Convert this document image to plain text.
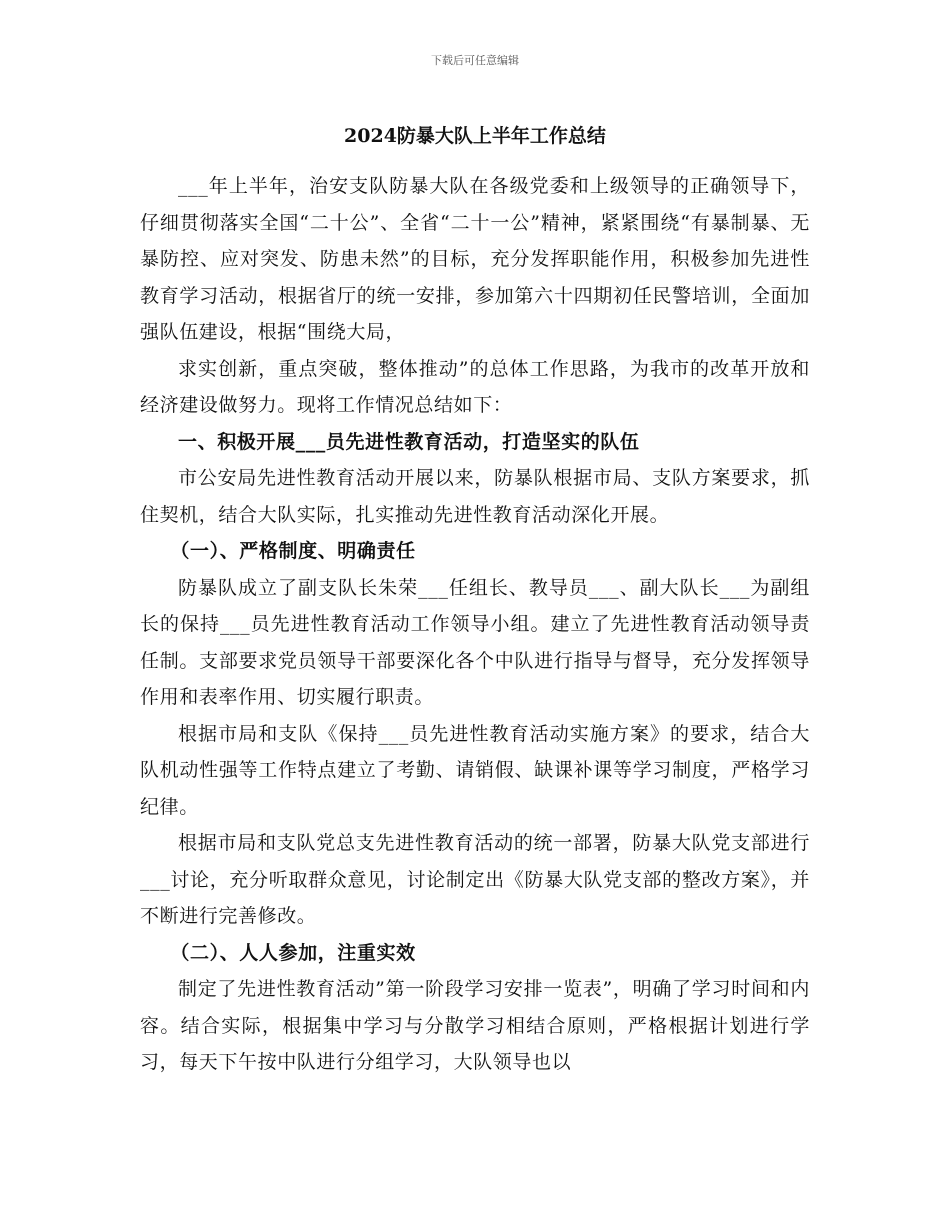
下载后可任意编辑
2024防暴大队上半年工作总结

___年上半年，治安支队防暴大队在各级党委和上级领导的正确领导下，仔细贯彻落实全国“二十公”、全省“二十一公”精神，紧紧围绕“有暴制暴、无暴防控、应对突发、防患未然”的目标，充分发挥职能作用，积极参加先进性教育学习活动，根据省厅的统一安排，参加第六十四期初任民警培训，全面加强队伍建设，根据“围绕大局，

求实创新，重点突破，整体推动”的总体工作思路，为我市的改革开放和经济建设做努力。现将工作情况总结如下：

一、积极开展___员先进性教育活动，打造坚实的队伍

市公安局先进性教育活动开展以来，防暴队根据市局、支队方案要求，抓住契机，结合大队实际，扎实推动先进性教育活动深化开展。

（一）、严格制度、明确责任

防暴队成立了副支队长朱荣___任组长、教导员___、副大队长___为副组长的保持___员先进性教育活动工作领导小组。建立了先进性教育活动领导责任制。支部要求党员领导干部要深化各个中队进行指导与督导，充分发挥领导作用和表率作用、切实履行职责。

根据市局和支队《保持___员先进性教育活动实施方案》的要求，结合大队机动性强等工作特点建立了考勤、请销假、缺课补课等学习制度，严格学习纪律。

根据市局和支队党总支先进性教育活动的统一部署，防暴大队党支部进行___讨论，充分听取群众意见，讨论制定出《防暴大队党支部的整改方案》，并不断进行完善修改。

（二）、人人参加，注重实效

制定了先进性教育活动”第一阶段学习安排一览表”，明确了学习时间和内容。结合实际，根据集中学习与分散学习相结合原则，严格根据计划进行学习，每天下午按中队进行分组学习，大队领导也以
